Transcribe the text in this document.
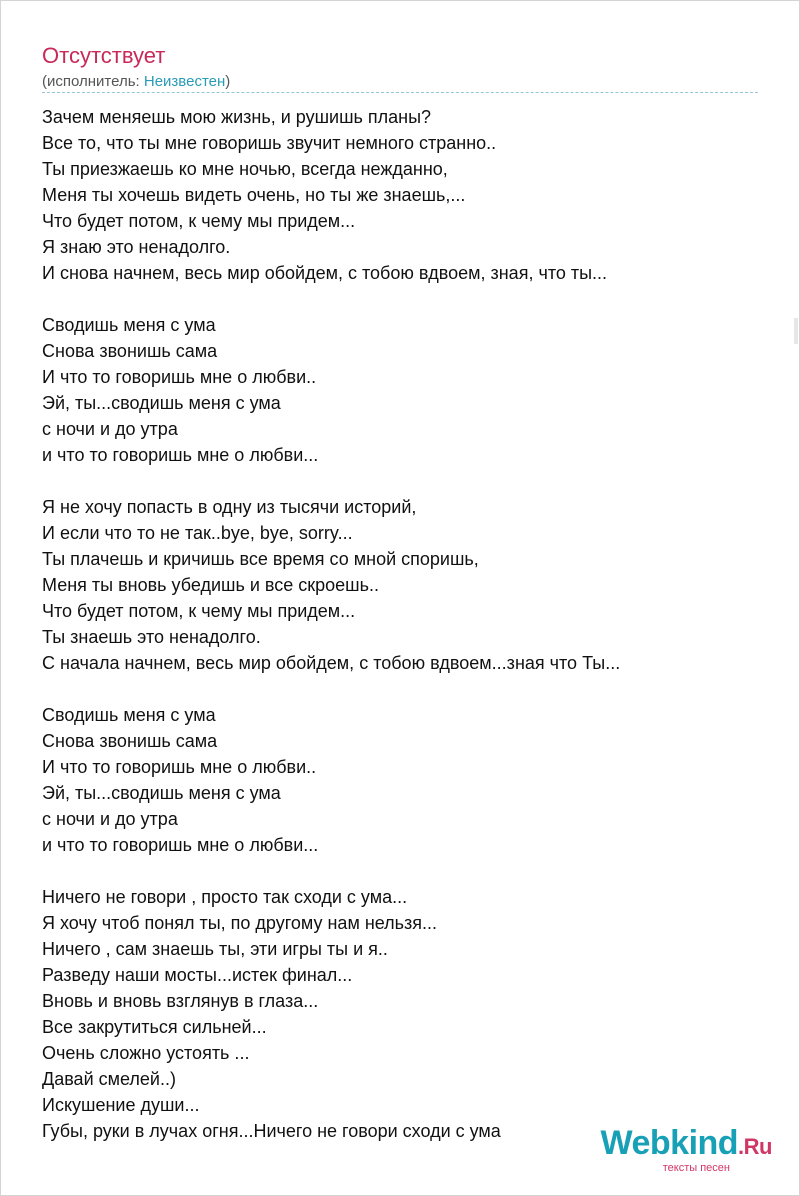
Отсутствует
(исполнитель: Неизвестен)
Зачем меняешь мою жизнь, и рушишь планы?
Все то, что ты мне говоришь звучит немного странно..
Ты приезжаешь ко мне ночью, всегда нежданно,
Меня ты хочешь видеть очень, но ты же знаешь,...
Что будет потом, к чему мы придем...
Я знаю это ненадолго.
И снова начнем, весь мир обойдем, с тобою вдвоем, зная, что ты...
Сводишь меня с ума
Снова звонишь сама
И что то говоришь мне о любви..
Эй, ты...сводишь меня с ума
с ночи и до утра
и что то говоришь мне о любви...
Я не хочу попасть в одну из тысячи историй,
И если что то не так..bye, bye, sorry...
Ты плачешь и кричишь все время со мной споришь,
Меня ты вновь убедишь и все скроешь..
Что будет потом, к чему мы придем...
Ты знаешь это ненадолго.
С начала начнем, весь мир обойдем, с тобою вдвоем...зная что Ты...
Сводишь меня с ума
Снова звонишь сама
И что то говоришь мне о любви..
Эй, ты...сводишь меня с ума
с ночи и до утра
и что то говоришь мне о любви...
Ничего не говори , просто так сходи с ума...
Я хочу чтоб понял ты, по другому нам нельзя...
Ничего , сам знаешь ты, эти игры ты и я..
Разведу наши мосты...истек финал...
Вновь и вновь взглянув в глаза...
Все закрутиться сильней...
Очень сложно устоять ...
Давай смелей..)
Искушение души...
Губы, руки в лучах огня...Ничего не говори сходи с ума	Webkind.Ru
тексты песен
